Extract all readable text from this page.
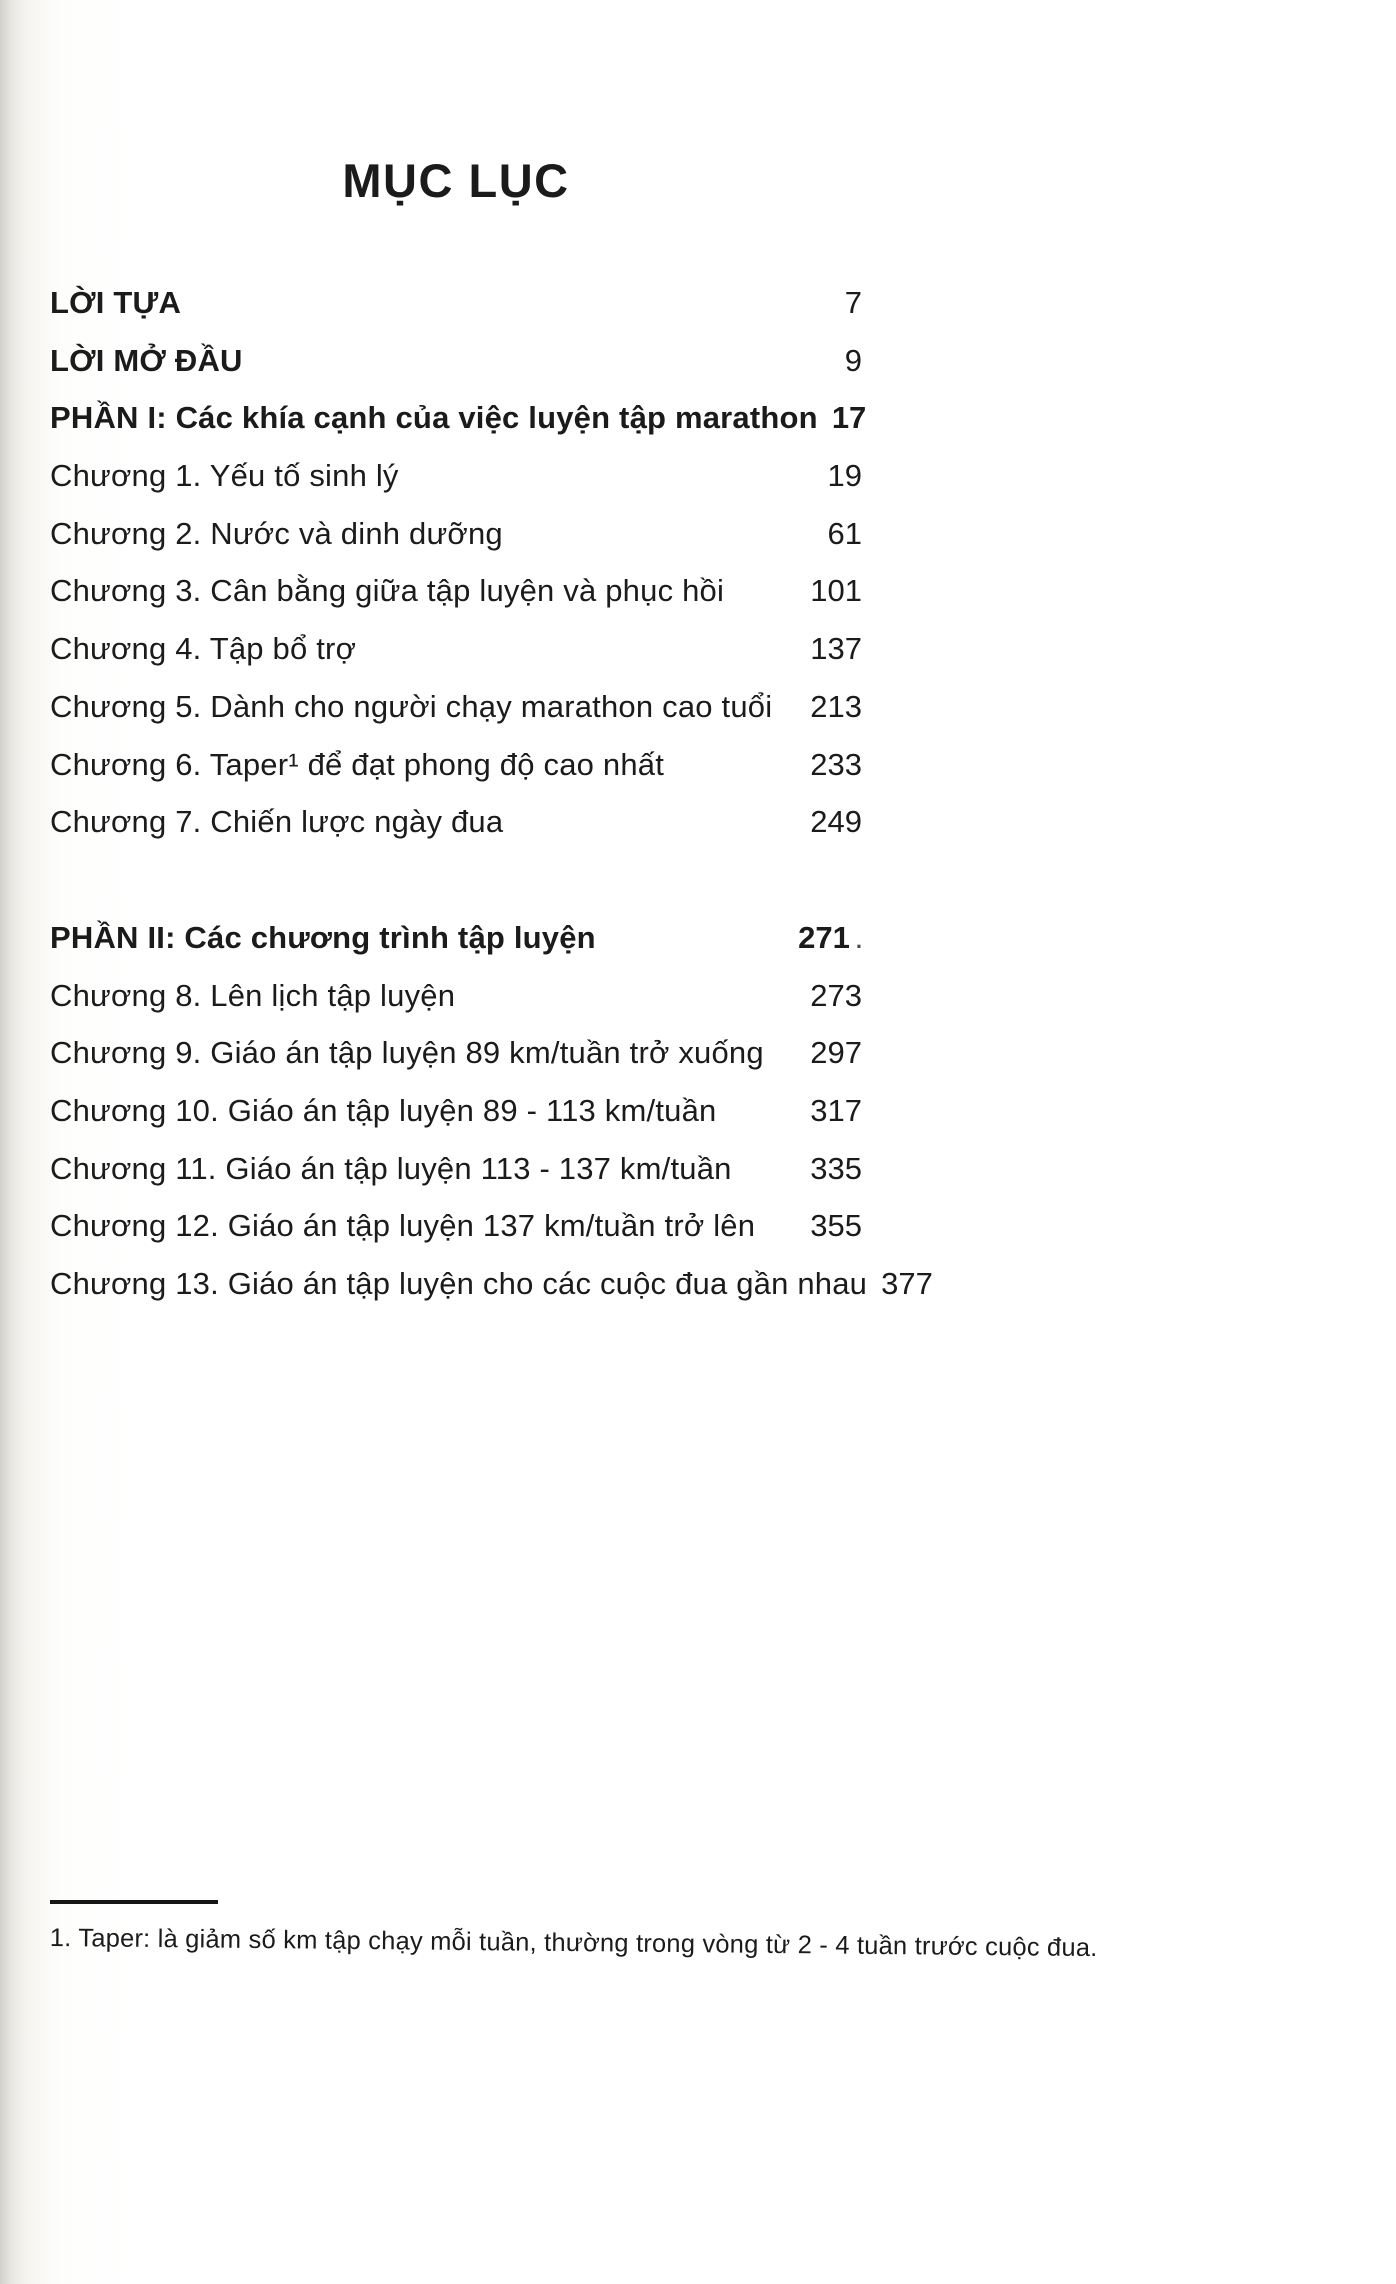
MỤC LỤC
LỜI TỰA	7
LỜI MỞ ĐẦU	9
PHẦN I: Các khía cạnh của việc luyện tập marathon 17
Chương 1. Yếu tố sinh lý	19
Chương 2. Nước và dinh dưỡng	61
Chương 3. Cân bằng giữa tập luyện và phục hồi	101
Chương 4. Tập bổ trợ	137
Chương 5. Dành cho người chạy marathon cao tuổi	213
Chương 6. Taper¹ để đạt phong độ cao nhất	233
Chương 7. Chiến lược ngày đua	249
PHẦN II: Các chương trình tập luyện	271 .
Chương 8. Lên lịch tập luyện	273
Chương 9. Giáo án tập luyện 89 km/tuần trở xuống	297
Chương 10. Giáo án tập luyện 89 - 113 km/tuần	317
Chương 11. Giáo án tập luyện 113 - 137 km/tuần	335
Chương 12. Giáo án tập luyện 137 km/tuần trở lên	355
Chương 13. Giáo án tập luyện cho các cuộc đua gần nhau 377
1. Taper: là giảm số km tập chạy mỗi tuần, thường trong vòng từ 2 - 4 tuần trước cuộc đua.
